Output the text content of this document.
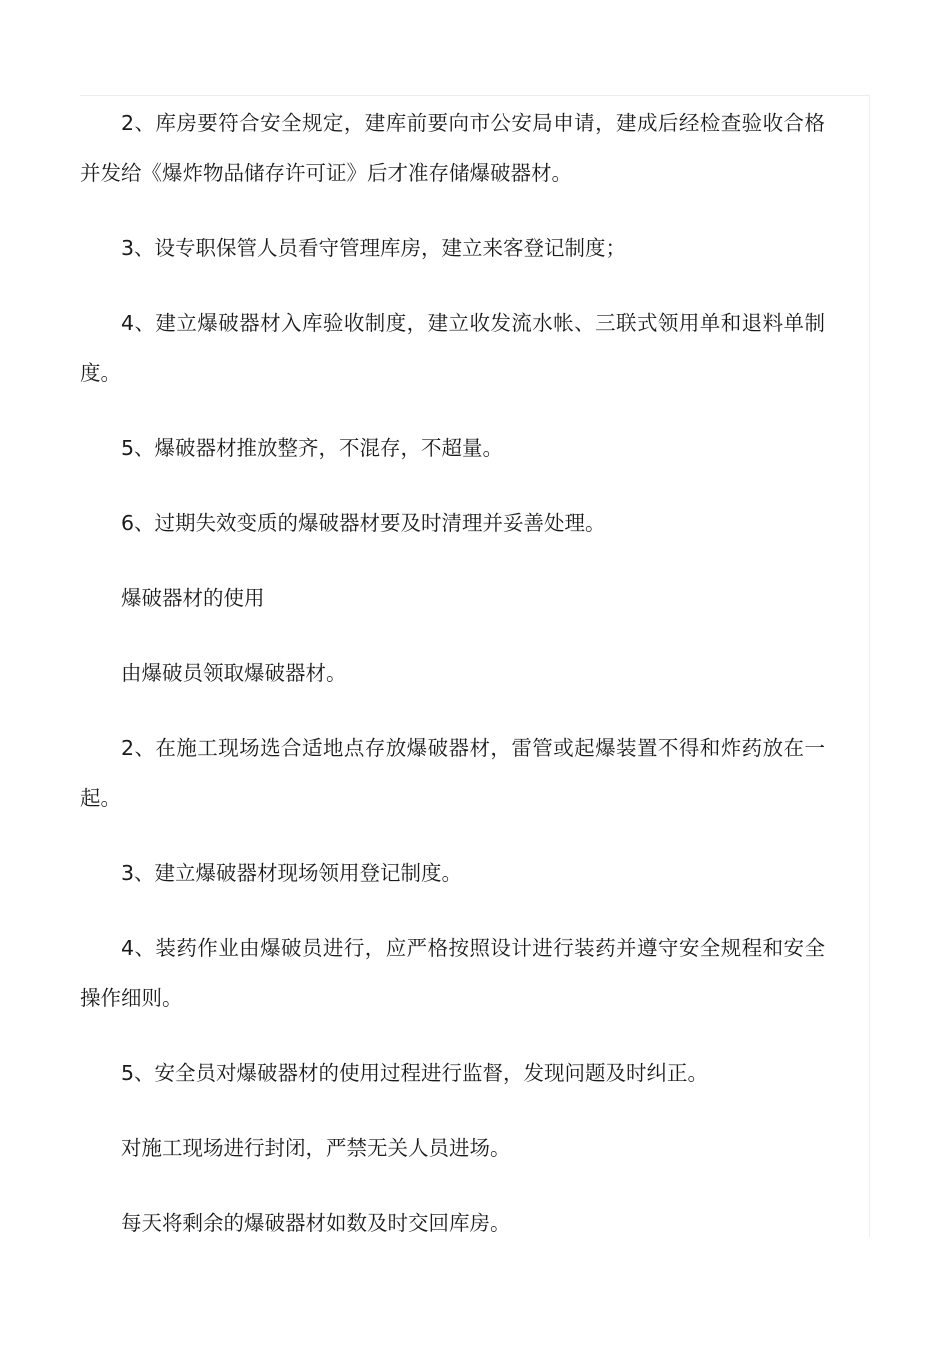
2、库房要符合安全规定，建库前要向市公安局申请，建成后经检查验收合格并发给《爆炸物品储存许可证》后才准存储爆破器材。

3、设专职保管人员看守管理库房，建立来客登记制度；

4、建立爆破器材入库验收制度，建立收发流水帐、三联式领用单和退料单制度。

5、爆破器材推放整齐，不混存，不超量。

6、过期失效变质的爆破器材要及时清理并妥善处理。

爆破器材的使用

由爆破员领取爆破器材。

2、在施工现场选合适地点存放爆破器材，雷管或起爆装置不得和炸药放在一起。

3、建立爆破器材现场领用登记制度。

4、装药作业由爆破员进行，应严格按照设计进行装药并遵守安全规程和安全操作细则。

5、安全员对爆破器材的使用过程进行监督，发现问题及时纠正。

对施工现场进行封闭，严禁无关人员进场。

每天将剩余的爆破器材如数及时交回库房。
